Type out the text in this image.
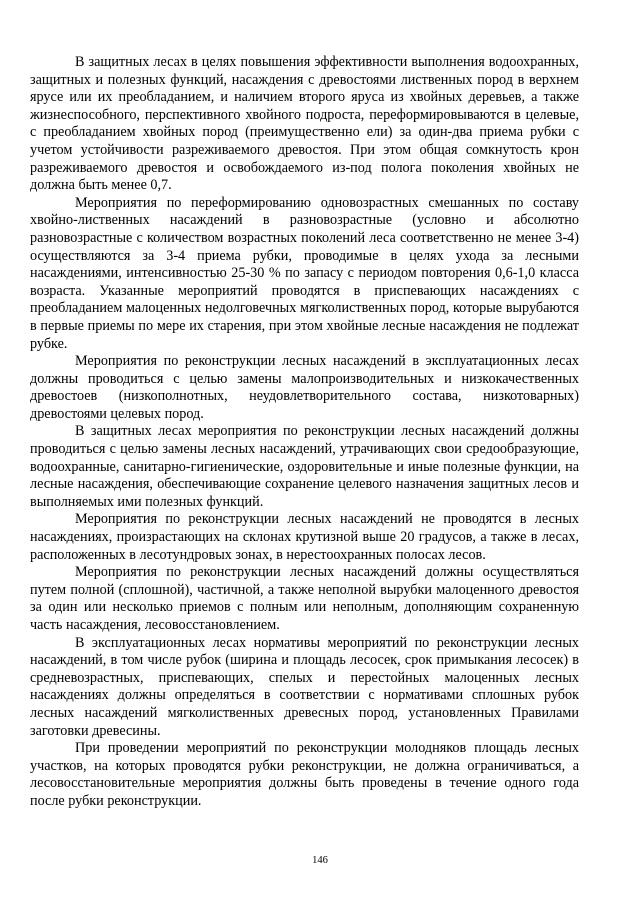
В защитных лесах в целях повышения эффективности выполнения водоохранных, защитных и полезных функций, насаждения с древостоями лиственных пород в верхнем ярусе или их преобладанием, и наличием второго яруса из хвойных деревьев, а также жизнеспособного, перспективного хвойного подроста, переформировываются в целевые, с преобладанием хвойных пород (преимущественно ели) за один-два приема рубки с учетом устойчивости разреживаемого древостоя. При этом общая сомкнутость крон разреживаемого древостоя и освобождаемого из-под полога поколения хвойных не должна быть менее 0,7.

Мероприятия по переформированию одновозрастных смешанных по составу хвойно-лиственных насаждений в разновозрастные (условно и абсолютно разновозрастные с количеством возрастных поколений леса соответственно не менее 3-4) осуществляются за 3-4 приема рубки, проводимые в целях ухода за лесными насаждениями, интенсивностью 25-30 % по запасу с периодом повторения 0,6-1,0 класса возраста. Указанные мероприятий проводятся в приспевающих насаждениях с преобладанием малоценных недолговечных мягколиственных пород, которые вырубаются в первые приемы по мере их старения, при этом хвойные лесные насаждения не подлежат рубке.

Мероприятия по реконструкции лесных насаждений в эксплуатационных лесах должны проводиться с целью замены малопроизводительных и низкокачественных древостоев (низкополнотных, неудовлетворительного состава, низкотоварных) древостоями целевых пород.

В защитных лесах мероприятия по реконструкции лесных насаждений должны проводиться с целью замены лесных насаждений, утрачивающих свои средообразующие, водоохранные, санитарно-гигиенические, оздоровительные и иные полезные функции, на лесные насаждения, обеспечивающие сохранение целевого назначения защитных лесов и выполняемых ими полезных функций.

Мероприятия по реконструкции лесных насаждений не проводятся в лесных насаждениях, произрастающих на склонах крутизной выше 20 градусов, а также в лесах, расположенных в лесотундровых зонах, в нерестоохранных полосах лесов.

Мероприятия по реконструкции лесных насаждений должны осуществляться путем полной (сплошной), частичной, а также неполной вырубки малоценного древостоя за один или несколько приемов с полным или неполным, дополняющим сохраненную часть насаждения, лесовосстановлением.

В эксплуатационных лесах нормативы мероприятий по реконструкции лесных насаждений, в том числе рубок (ширина и площадь лесосек, срок примыкания лесосек) в средневозрастных, приспевающих, спелых и перестойных малоценных лесных насаждениях должны определяться в соответствии с нормативами сплошных рубок лесных насаждений мягколиственных древесных пород, установленных Правилами заготовки древесины.

При проведении мероприятий по реконструкции молодняков площадь лесных участков, на которых проводятся рубки реконструкции, не должна ограничиваться, а лесовосстановительные мероприятия должны быть проведены в течение одного года после рубки реконструкции.

146
